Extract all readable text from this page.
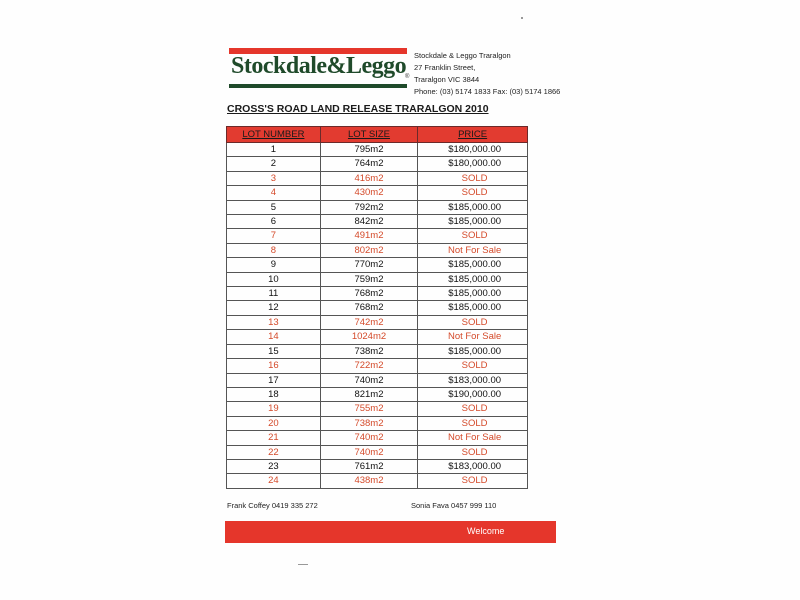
Stockdale&Leggo
®
Stockdale & Leggo Traralgon
27 Franklin Street,
Traralgon VIC 3844
Phone: (03) 5174 1833 Fax: (03) 5174 1866
CROSS'S ROAD LAND RELEASE TRARALGON 2010
LOT NUMBER	LOT SIZE	PRICE
1	795m2	$180,000.00
2	764m2	$180,000.00
3	416m2	SOLD
4	430m2	SOLD
5	792m2	$185,000.00
6	842m2	$185,000.00
7	491m2	SOLD
8	802m2	Not For Sale
9	770m2	$185,000.00
10	759m2	$185,000.00
11	768m2	$185,000.00
12	768m2	$185,000.00
13	742m2	SOLD
14	1024m2	Not For Sale
15	738m2	$185,000.00
16	722m2	SOLD
17	740m2	$183,000.00
18	821m2	$190,000.00
19	755m2	SOLD
20	738m2	SOLD
21	740m2	Not For Sale
22	740m2	SOLD
23	761m2	$183,000.00
24	438m2	SOLD
Frank Coffey 0419 335 272	Sonia Fava 0457 999 110
Welcome
